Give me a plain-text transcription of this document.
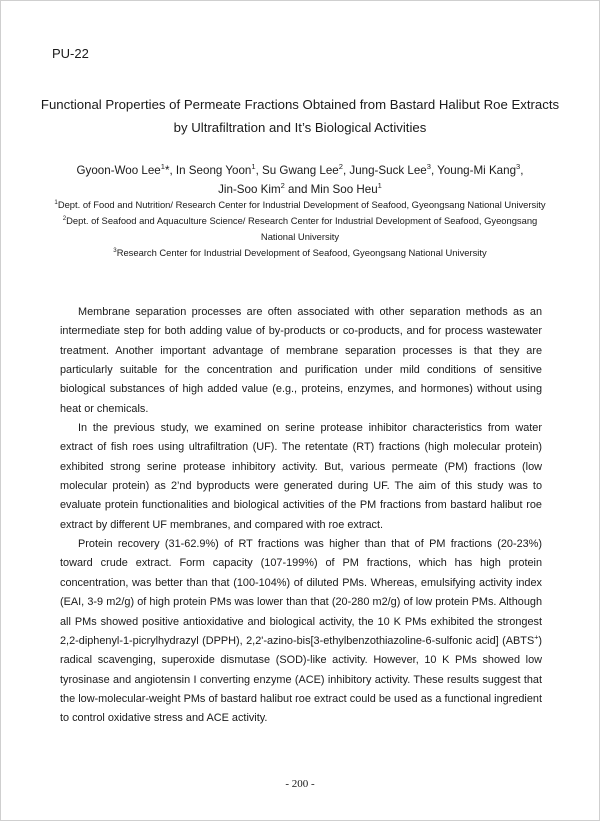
PU-22
Functional Properties of Permeate Fractions Obtained from Bastard Halibut Roe Extracts by Ultrafiltration and It’s Biological Activities
Gyoon-Woo Lee$^1$*, In Seong Yoon$^1$, Su Gwang Lee$^2$, Jung-Suck Lee$^3$, Young-Mi Kang$^3$,
Jin-Soo Kim$^2$ and Min Soo Heu$^1$
$^1$Dept. of Food and Nutrition/ Research Center for Industrial Development of Seafood, Gyeongsang National University
$^2$Dept. of Seafood and Aquaculture Science/ Research Center for Industrial Development of Seafood, Gyeongsang National University
$^3$Research Center for Industrial Development of Seafood, Gyeongsang National University

Membrane separation processes are often associated with other separation methods as an intermediate step for both adding value of by-products or co-products, and for process wastewater treatment. Another important advantage of membrane separation processes is that they are particularly suitable for the concentration and purification under mild conditions of sensitive biological substances of high added value (e.g., proteins, enzymes, and hormones) without using heat or chemicals.

In the previous study, we examined on serine protease inhibitor characteristics from water extract of fish roes using ultrafiltration (UF). The retentate (RT) fractions (high molecular protein) exhibited strong serine protease inhibitory activity. But, various permeate (PM) fractions (low molecular protein) as 2’nd byproducts were generated during UF. The aim of this study was to evaluate protein functionalities and biological activities of the PM fractions from bastard halibut roe extract by different UF membranes, and compared with roe extract.

Protein recovery (31-62.9%) of RT fractions was higher than that of PM fractions (20-23%) toward crude extract. Form capacity (107-199%) of PM fractions, which has high protein concentration, was better than that (100-104%) of diluted PMs. Whereas, emulsifying activity index (EAI, 3-9 m2/g) of high protein PMs was lower than that (20-280 m2/g) of low protein PMs. Although all PMs showed positive antioxidative and biological activity, the 10 K PMs exhibited the strongest 2,2-diphenyl-1-picrylhydrazyl (DPPH), 2,2'-azino-bis[3-ethylbenzothiazoline-6-sulfonic acid] (ABTS+) radical scavenging, superoxide dismutase (SOD)-like activity. However, 10 K PMs showed low tyrosinase and angiotensin I converting enzyme (ACE) inhibitory activity. These results suggest that the low-molecular-weight PMs of bastard halibut roe extract could be used as a functional ingredient to control oxidative stress and ACE activity.

- 200 -
